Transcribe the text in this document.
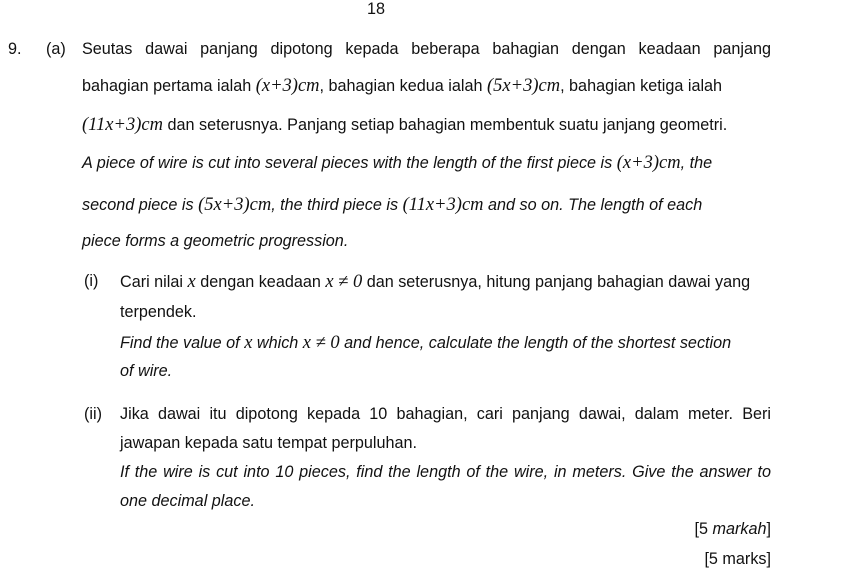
18
9. (a) Seutas dawai panjang dipotong kepada beberapa bahagian dengan keadaan panjang
bahagian pertama ialah (x+3)cm, bahagian kedua ialah (5x+3)cm, bahagian ketiga ialah
(11x+3)cm dan seterusnya. Panjang setiap bahagian membentuk suatu janjang geometri.
A piece of wire is cut into several pieces with the length of the first piece is (x+3)cm, the
second piece is (5x+3)cm, the third piece is (11x+3)cm and so on. The length of each
piece forms a geometric progression.
(i) Cari nilai x dengan keadaan x ≠ 0 dan seterusnya, hitung panjang bahagian dawai yang
terpendek.
Find the value of x which x ≠ 0 and hence, calculate the length of the shortest section
of wire.
(ii) Jika dawai itu dipotong kepada 10 bahagian, cari panjang dawai, dalam meter. Beri
jawapan kepada satu tempat perpuluhan.
If the wire is cut into 10 pieces, find the length of the wire, in meters. Give the answer to
one decimal place.
[5 markah]
[5 marks]
